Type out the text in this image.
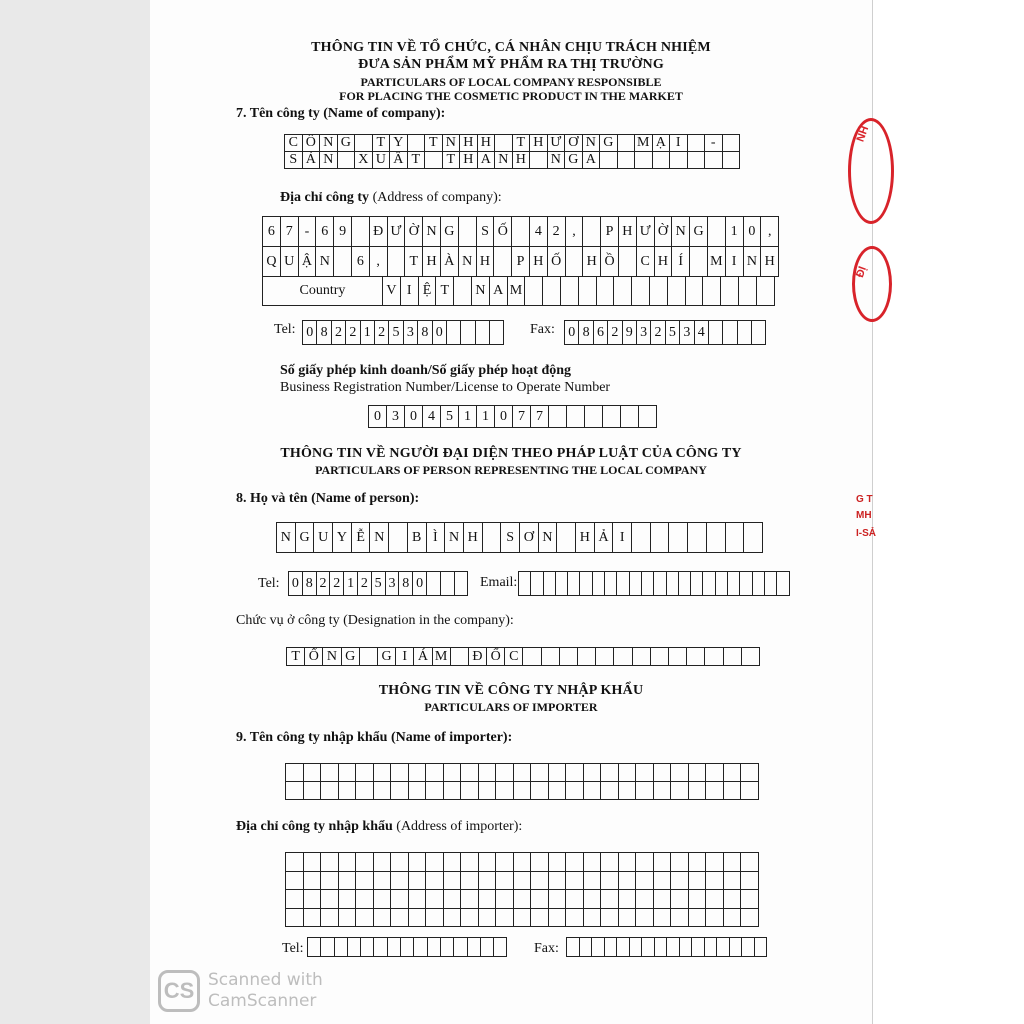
THÔNG TIN VỀ TỔ CHỨC, CÁ NHÂN CHỊU TRÁCH NHIỆM
ĐƯA SẢN PHẨM MỸ PHẨM RA THỊ TRƯỜNG
PARTICULARS OF LOCAL COMPANY RESPONSIBLE
FOR PLACING THE COSMETIC PRODUCT IN THE MARKET
7. Tên công ty (Name of company):
C Ô N G T Y T N H H T H Ư Ơ N G M Ạ I	-
S Ả N X U Ấ T	T H A N H N G A
Địa chỉ công ty (Address of company):
6 7 - 6 9	Đ Ư Ờ N G	S Ố	4 2 ,	P H Ư Ờ N G	1 0 ,
Q U Ậ N	6 ,	T H À N H	P H Ố	H Ồ	C H Í	M I N H
Country	V I Ệ T	N A M
Tel: 0 8 2 2 1 2 5 3 8 0	Fax: 0 8 6 2 9 3 2 5 3 4
Số giấy phép kinh doanh/Số giấy phép hoạt động
Business Registration Number/License to Operate Number
0 3 0 4 5 1 1 0 7 7
THÔNG TIN VỀ NGƯỜI ĐẠI DIỆN THEO PHÁP LUẬT CỦA CÔNG TY
PARTICULARS OF PERSON REPRESENTING THE LOCAL COMPANY
8. Họ và tên (Name of person):
N G U Y Ễ N	B Ì N H	S Ơ N	H Ả I
Tel: 0 8 2 2 1 2 5 3 8 0	Email:
Chức vụ ở công ty (Designation in the company):
T Ổ N G	G I Á M Đ Ố C
THÔNG TIN VỀ CÔNG TY NHẬP KHẨU
PARTICULARS OF IMPORTER
9. Tên công ty nhập khẩu (Name of importer):
Địa chỉ công ty nhập khẩu (Address of importer):
Tel:	Fax:
NH
ĐỊ
G T
MH
I-SẢ
CS Scanned with
CamScanner
